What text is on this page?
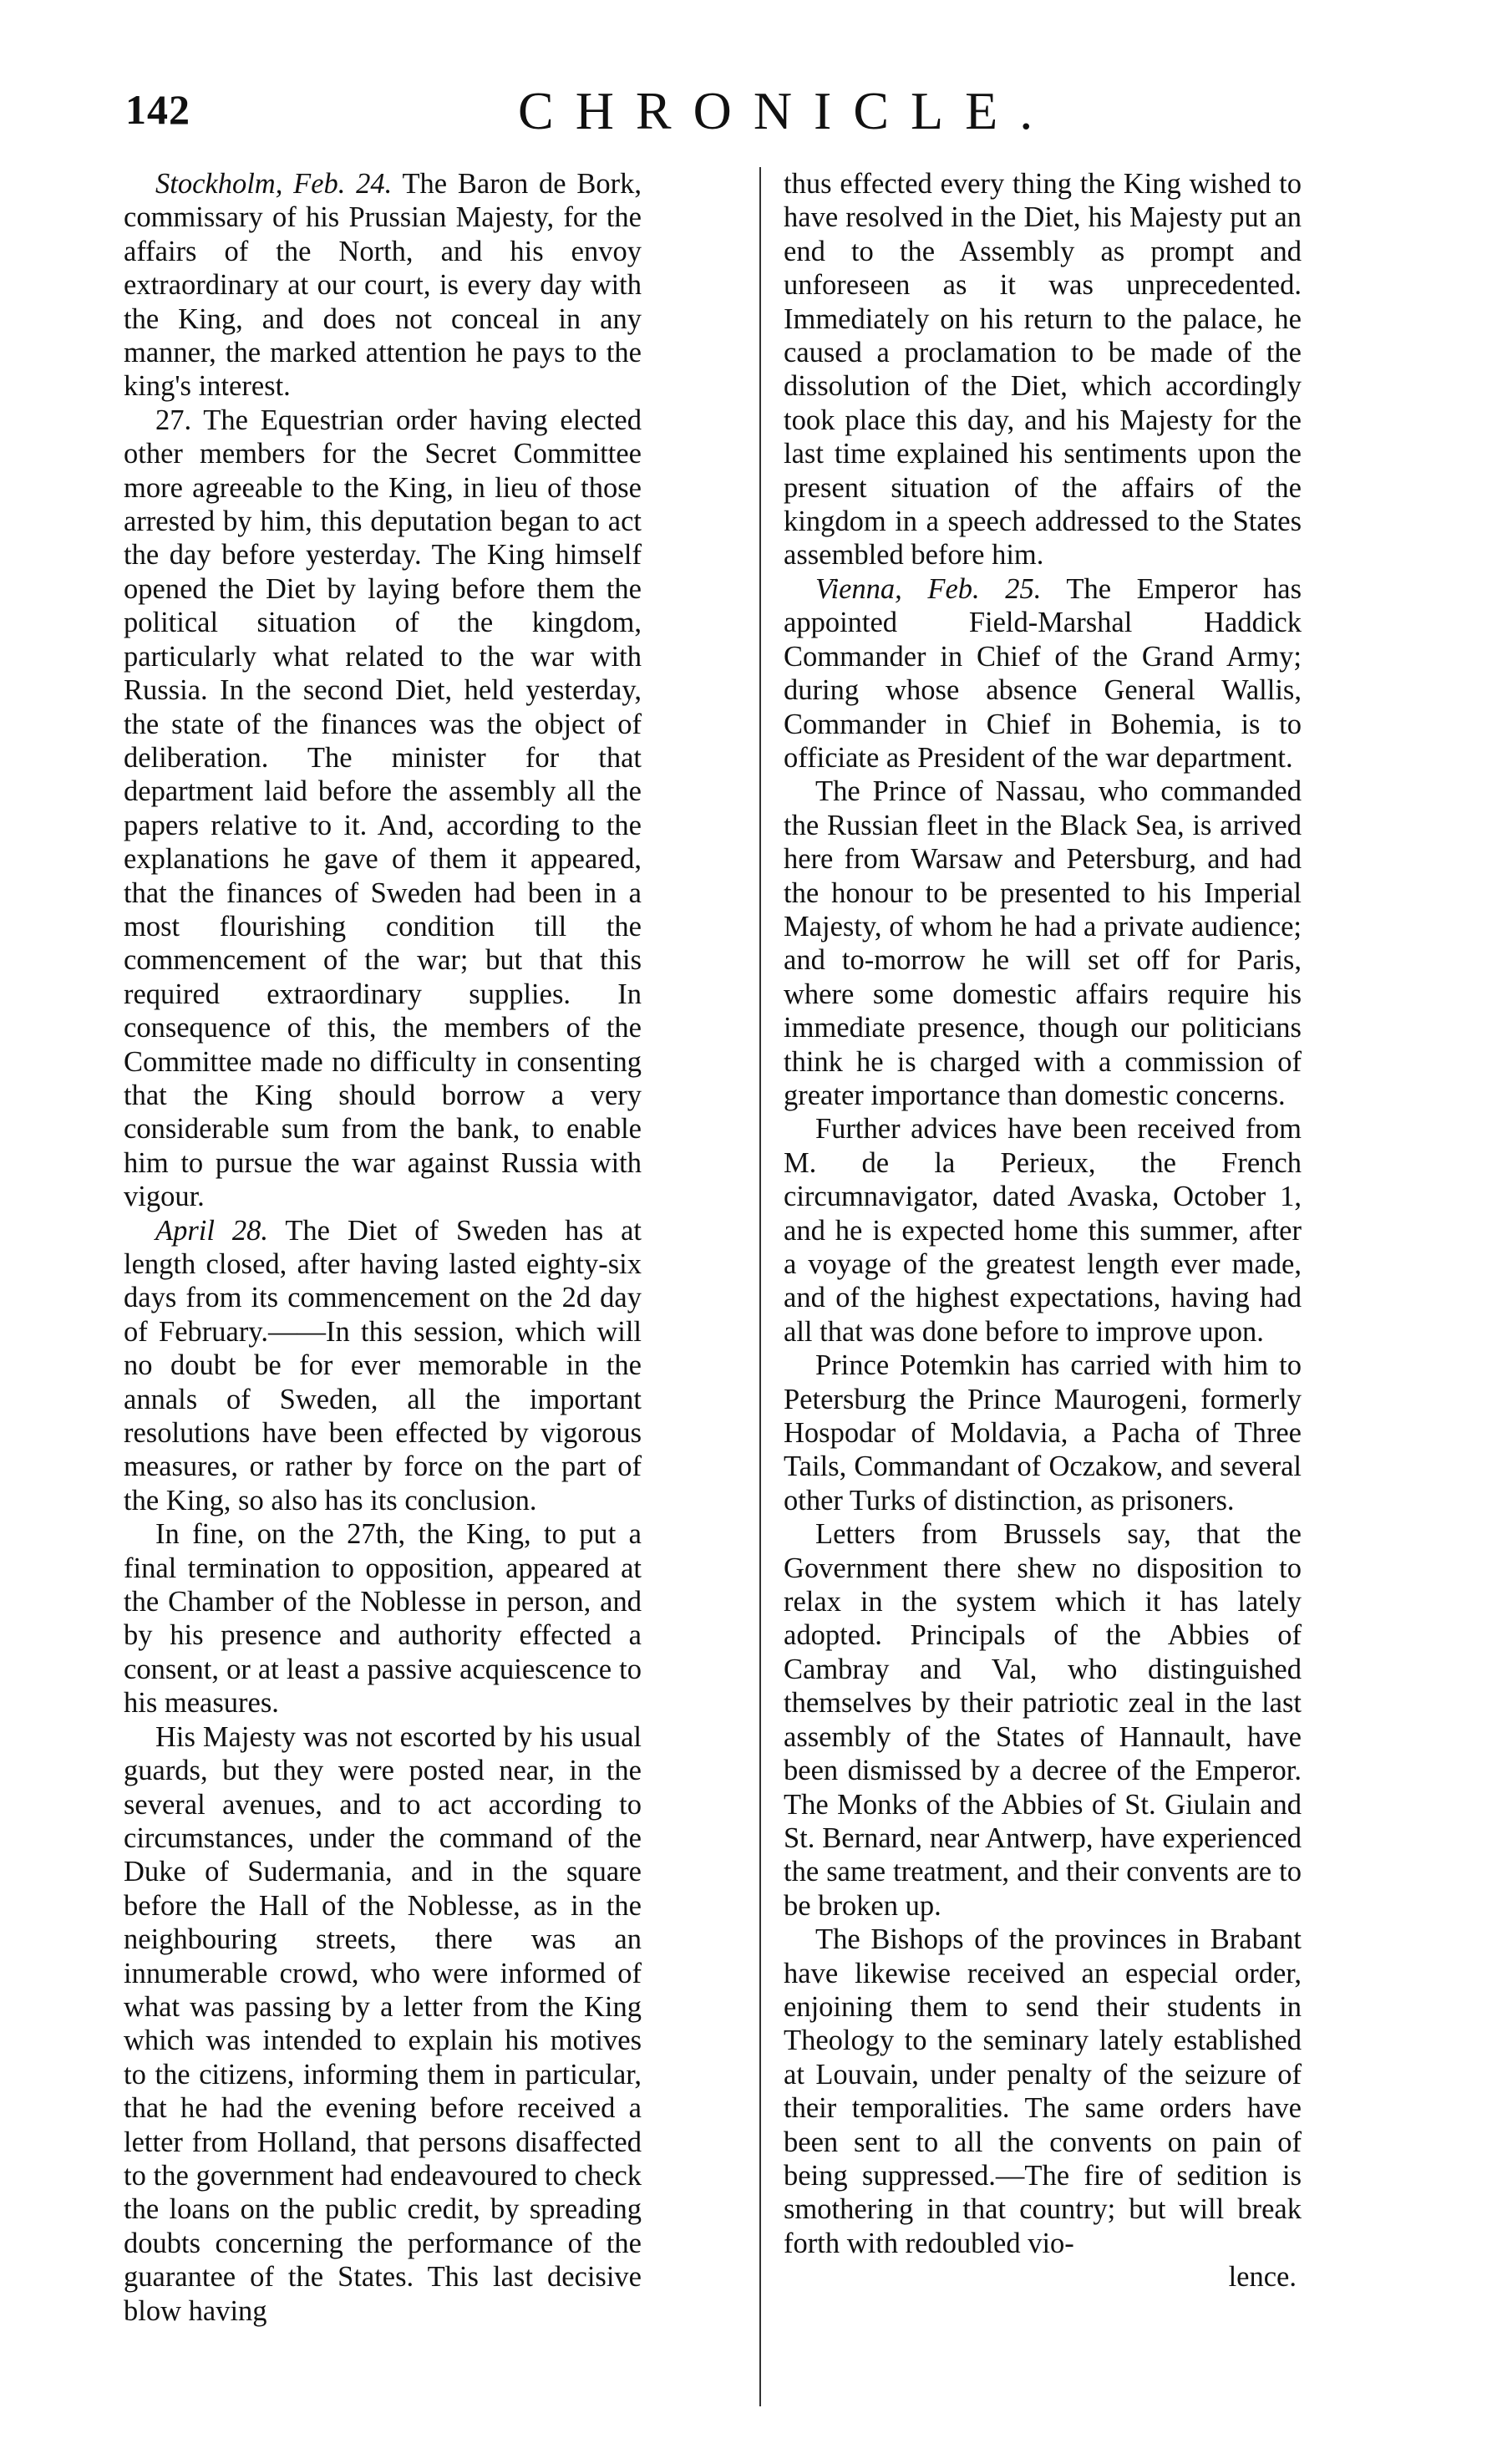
142	CHRONICLE.

Stockholm, Feb. 24. The Baron de Bork, commissary of his Prussian Majesty, for the affairs of the North, and his envoy extraordinary at our court, is every day with the King, and does not conceal in any manner, the marked attention he pays to the king's interest.

27. The Equestrian order having elected other members for the Secret Committee more agreeable to the King, in lieu of those arrested by him, this deputation began to act the day before yesterday. The King himself opened the Diet by laying before them the political situation of the kingdom, particularly what related to the war with Russia. In the second Diet, held yesterday, the state of the finances was the object of deliberation. The minister for that department laid before the assembly all the papers relative to it. And, according to the explanations he gave of them it appeared, that the finances of Sweden had been in a most flourishing condition till the commencement of the war; but that this required extraordinary supplies. In consequence of this, the members of the Committee made no difficulty in consenting that the King should borrow a very considerable sum from the bank, to enable him to pursue the war against Russia with vigour.

April 28. The Diet of Sweden has at length closed, after having lasted eighty-six days from its commencement on the 2d day of February.——In this session, which will no doubt be for ever memorable in the annals of Sweden, all the important resolutions have been effected by vigorous measures, or rather by force on the part of the King, so also has its conclusion.

In fine, on the 27th, the King, to put a final termination to opposition, appeared at the Chamber of the Noblesse in person, and by his presence and authority effected a consent, or at least a passive acquiescence to his measures.

His Majesty was not escorted by his usual guards, but they were posted near, in the several avenues, and to act according to circumstances, under the command of the Duke of Sudermania, and in the square before the Hall of the Noblesse, as in the neighbouring streets, there was an innumerable crowd, who were informed of what was passing by a letter from the King which was intended to explain his motives to the citizens, informing them in particular, that he had the evening before received a letter from Holland, that persons disaffected to the government had endeavoured to check the loans on the public credit, by spreading doubts concerning the performance of the guarantee of the States. This last decisive blow having

thus effected every thing the King wished to have resolved in the Diet, his Majesty put an end to the Assembly as prompt and unforeseen as it was unprecedented. Immediately on his return to the palace, he caused a proclamation to be made of the dissolution of the Diet, which accordingly took place this day, and his Majesty for the last time explained his sentiments upon the present situation of the affairs of the kingdom in a speech addressed to the States assembled before him.

Vienna, Feb. 25. The Emperor has appointed Field-Marshal Haddick Commander in Chief of the Grand Army; during whose absence General Wallis, Commander in Chief in Bohemia, is to officiate as President of the war department.

The Prince of Nassau, who commanded the Russian fleet in the Black Sea, is arrived here from Warsaw and Petersburg, and had the honour to be presented to his Imperial Majesty, of whom he had a private audience; and to-morrow he will set off for Paris, where some domestic affairs require his immediate presence, though our politicians think he is charged with a commission of greater importance than domestic concerns.

Further advices have been received from M. de la Perieux, the French circumnavigator, dated Avaska, October 1, and he is expected home this summer, after a voyage of the greatest length ever made, and of the highest expectations, having had all that was done before to improve upon.

Prince Potemkin has carried with him to Petersburg the Prince Maurogeni, formerly Hospodar of Moldavia, a Pacha of Three Tails, Commandant of Oczakow, and several other Turks of distinction, as prisoners.

Letters from Brussels say, that the Government there shew no disposition to relax in the system which it has lately adopted. Principals of the Abbies of Cambray and Val, who distinguished themselves by their patriotic zeal in the last assembly of the States of Hannault, have been dismissed by a decree of the Emperor. The Monks of the Abbies of St. Giulain and St. Bernard, near Antwerp, have experienced the same treatment, and their convents are to be broken up.

The Bishops of the provinces in Brabant have likewise received an especial order, enjoining them to send their students in Theology to the seminary lately established at Louvain, under penalty of the seizure of their temporalities. The same orders have been sent to all the convents on pain of being suppressed.—The fire of sedition is smothering in that country; but will break forth with redoubled vio-

lence.
